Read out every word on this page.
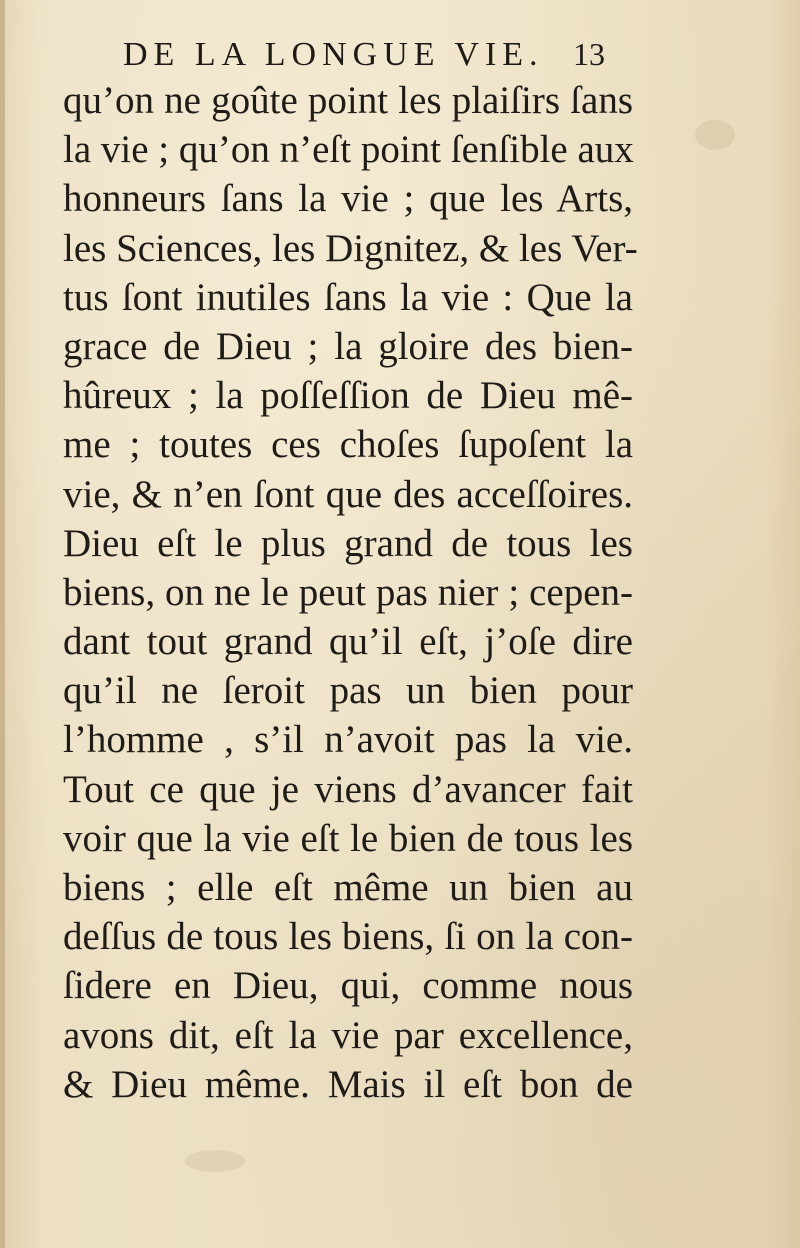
DE LA LONGUE VIE. 13
qu’on ne goûte point les plaiſirs ſans
la vie ; qu’on n’eſt point ſenſible aux
honneurs ſans la vie ; que les Arts,
les Sciences, les Dignitez, & les Ver-
tus ſont inutiles ſans la vie : Que la
grace de Dieu ; la gloire des bien-
hûreux ; la poſſeſſion de Dieu mê-
me ; toutes ces choſes ſupoſent la
vie, & n’en ſont que des acceſſoires.
Dieu eſt le plus grand de tous les
biens, on ne le peut pas nier ; cepen-
dant tout grand qu’il eſt, j’oſe dire
qu’il ne ſeroit pas un bien pour
l’homme , s’il n’avoit pas la vie.
Tout ce que je viens d’avancer fait
voir que la vie eſt le bien de tous les
biens ; elle eſt même un bien au
deſſus de tous les biens, ſi on la con-
ſidere en Dieu, qui, comme nous
avons dit, eſt la vie par excellence,
& Dieu même. Mais il eſt bon de
